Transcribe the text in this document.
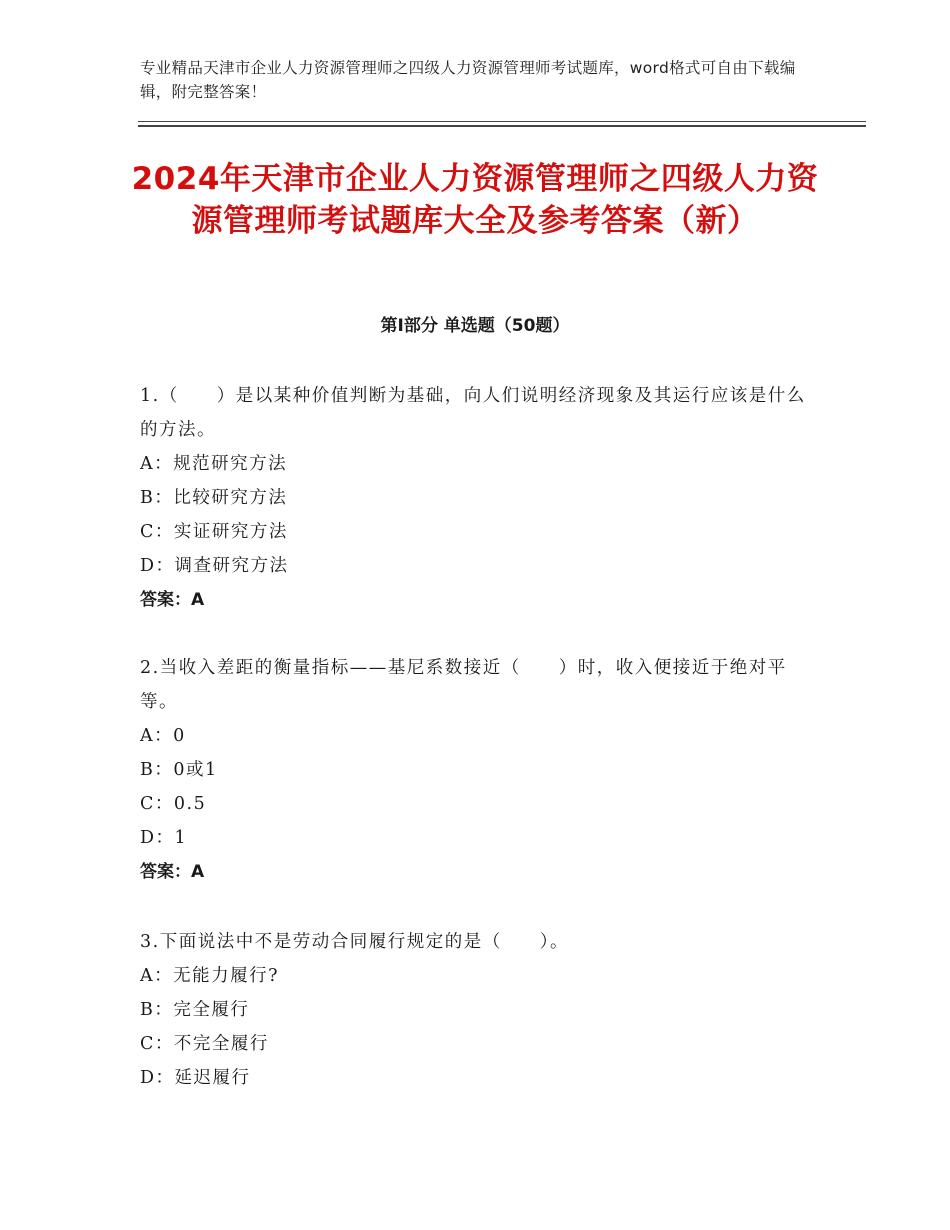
专业精品天津市企业人力资源管理师之四级人力资源管理师考试题库，word格式可自由下载编辑，附完整答案！
2024年天津市企业人力资源管理师之四级人力资源管理师考试题库大全及参考答案（新）
第Ⅰ部分 单选题（50题）

1.（　　）是以某种价值判断为基础，向人们说明经济现象及其运行应该是什么的方法。

A：规范研究方法

B：比较研究方法

C：实证研究方法

D：调查研究方法

答案：A

2.当收入差距的衡量指标——基尼系数接近（　　）时，收入便接近于绝对平等。

A：0

B：0或1

C：0.5

D：1

答案：A

3.下面说法中不是劳动合同履行规定的是（　　）。

A：无能力履行?

B：完全履行

C：不完全履行

D：延迟履行
